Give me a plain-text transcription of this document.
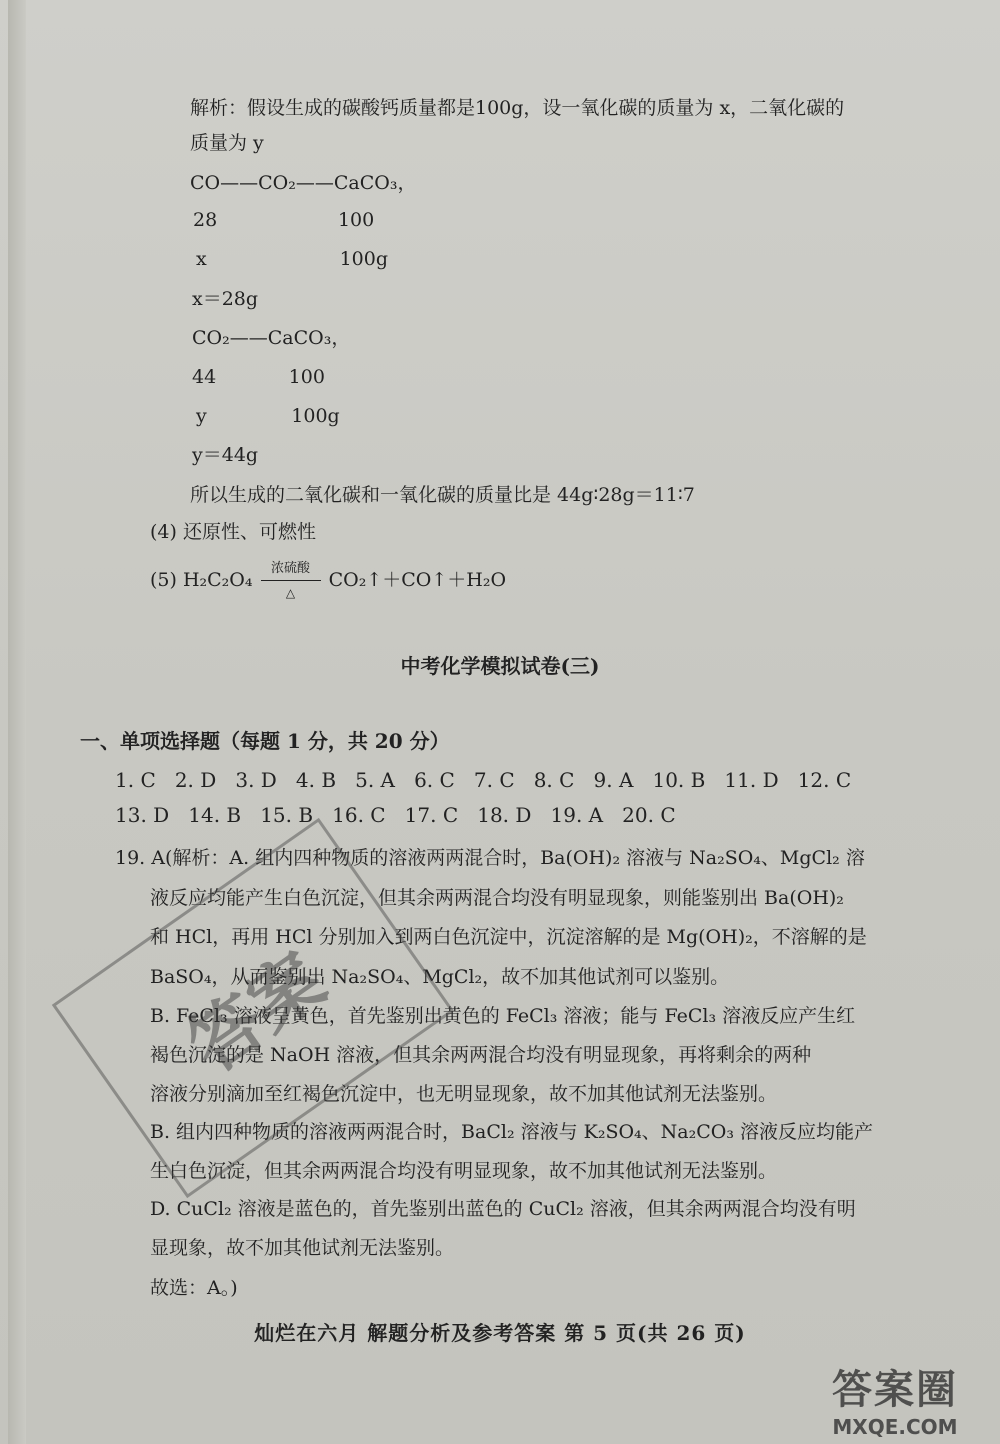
解析：假设生成的碳酸钙质量都是100g，设一氧化碳的质量为 x，二氧化碳的
质量为 y
CO——CO₂——CaCO₃，
28                    100
x                      100g
x＝28g
CO₂——CaCO₃，
44            100
y              100g
y＝44g
所以生成的二氧化碳和一氧化碳的质量比是 44g∶28g＝11∶7
(4) 还原性、可燃性
(5) $H_2C_2O_4 \frac{\text{浓硫酸}}{\triangle}$ CO₂↑＋CO↑＋H₂O
中考化学模拟试卷(三)
一、单项选择题（每题 1 分，共 20 分）
1. C   2. D   3. D   4. B   5. A   6. C   7. C   8. C   9. A   10. B   11. D   12. C
13. D   14. B   15. B   16. C   17. C   18. D   19. A   20. C
19. A(解析：A. 组内四种物质的溶液两两混合时，Ba(OH)₂ 溶液与 Na₂SO₄、MgCl₂ 溶
液反应均能产生白色沉淀，但其余两两混合均没有明显现象，则能鉴别出 Ba(OH)₂
和 HCl，再用 HCl 分别加入到两白色沉淀中，沉淀溶解的是 Mg(OH)₂，不溶解的是
BaSO₄，从而鉴别出 Na₂SO₄、MgCl₂，故不加其他试剂可以鉴别。
B. FeCl₃ 溶液呈黄色，首先鉴别出黄色的 FeCl₃ 溶液；能与 FeCl₃ 溶液反应产生红
褐色沉淀的是 NaOH 溶液，但其余两两混合均没有明显现象，再将剩余的两种
溶液分别滴加至红褐色沉淀中，也无明显现象，故不加其他试剂无法鉴别。
B. 组内四种物质的溶液两两混合时，BaCl₂ 溶液与 K₂SO₄、Na₂CO₃ 溶液反应均能产
生白色沉淀，但其余两两混合均没有明显现象，故不加其他试剂无法鉴别。
D. CuCl₂ 溶液是蓝色的，首先鉴别出蓝色的 CuCl₂ 溶液，但其余两两混合均没有明
显现象，故不加其他试剂无法鉴别。
故选：A。)
灿烂在六月 解题分析及参考答案 第 5 页(共 26 页)
答案
答案圈
MXQE.COM
